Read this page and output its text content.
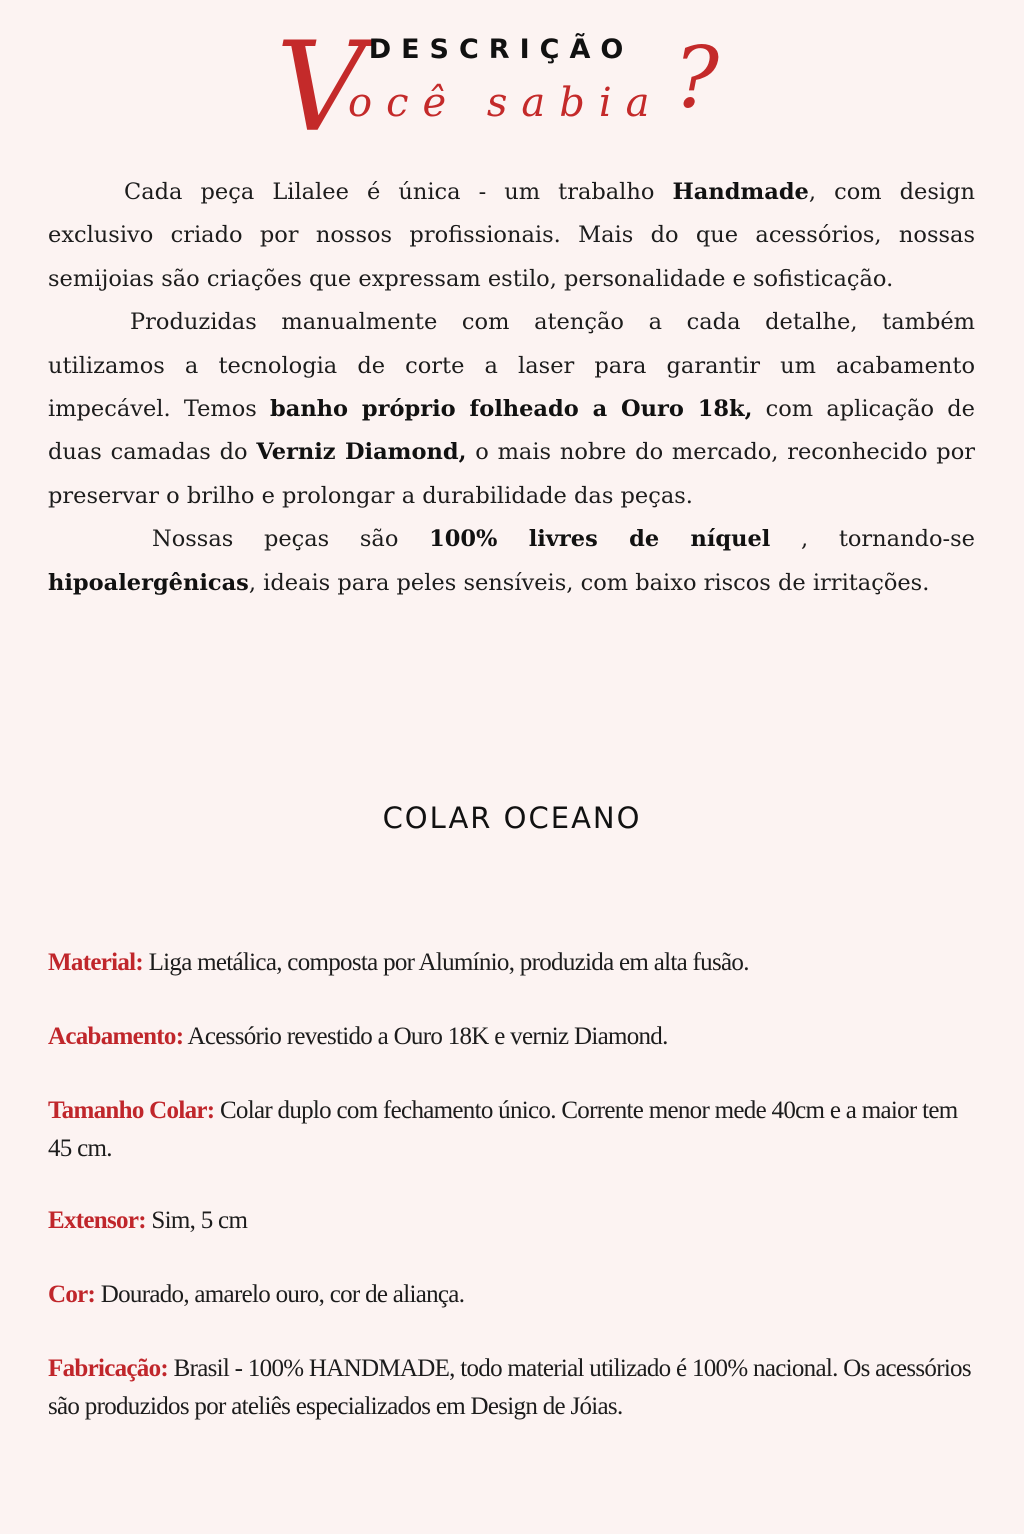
V DESCRIÇÃO
ocê sabia ?

Cada peça Lilalee é única - um trabalho Handmade, com design exclusivo criado por nossos profissionais. Mais do que acessórios, nossas semijoias são criações que expressam estilo, personalidade e sofisticação.

Produzidas manualmente com atenção a cada detalhe, também utilizamos a tecnologia de corte a laser para garantir um acabamento impecável. Temos banho próprio folheado a Ouro 18k, com aplicação de duas camadas do Verniz Diamond, o mais nobre do mercado, reconhecido por preservar o brilho e prolongar a durabilidade das peças.

Nossas peças são 100% livres de níquel , tornando-se hipoalergênicas, ideais para peles sensíveis, com baixo riscos de irritações.

COLAR OCEANO
Material: Liga metálica, composta por Alumínio, produzida em alta fusão.
Acabamento: Acessório revestido a Ouro 18K e verniz Diamond.
Tamanho Colar: Colar duplo com fechamento único. Corrente menor mede 40cm e a maior tem 45 cm.
Extensor: Sim, 5 cm
Cor: Dourado, amarelo ouro, cor de aliança.
Fabricação: Brasil - 100% HANDMADE, todo material utilizado é 100% nacional. Os acessórios são produzidos por ateliês especializados em Design de Jóias.
